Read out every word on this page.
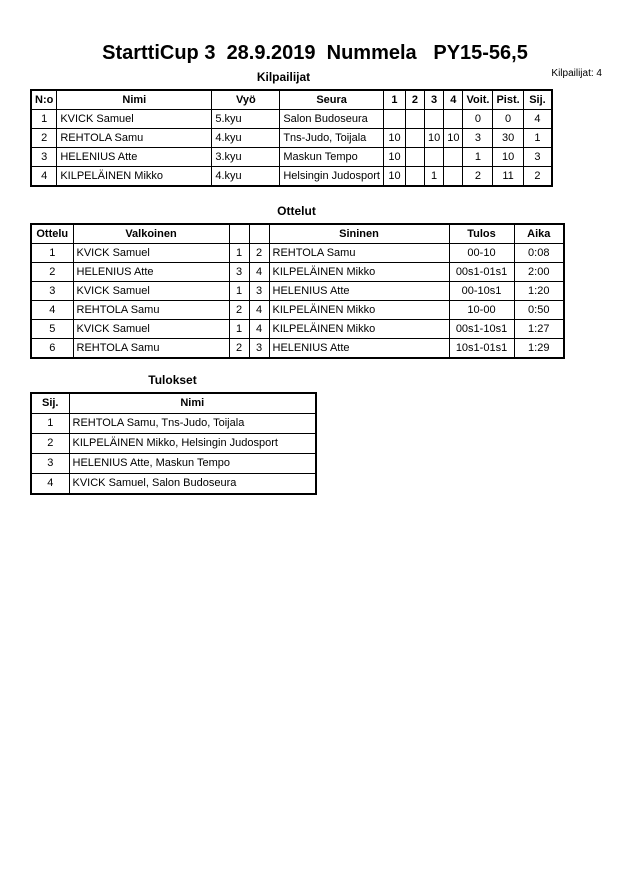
StarttiCup 3  28.9.2019  Nummela   PY15-56,5
Kilpailijat: 4
Kilpailijat
N:o	Nimi	Vyö	Seura	1	2	3	4	Voit.	Pist.	Sij.
1	KVICK Samuel	5.kyu	Salon Budoseura					0	0	4
2	REHTOLA Samu	4.kyu	Tns-Judo, Toijala	10		10	10	3	30	1
3	HELENIUS Atte	3.kyu	Maskun Tempo	10				1	10	3
4	KILPELÄINEN Mikko	4.kyu	Helsingin Judosport	10		1		2	11	2
Ottelut
Ottelu	Valkoinen			Sininen	Tulos	Aika
1	KVICK Samuel	1	2	REHTOLA Samu	00-10	0:08
2	HELENIUS Atte	3	4	KILPELÄINEN Mikko	00s1-01s1	2:00
3	KVICK Samuel	1	3	HELENIUS Atte	00-10s1	1:20
4	REHTOLA Samu	2	4	KILPELÄINEN Mikko	10-00	0:50
5	KVICK Samuel	1	4	KILPELÄINEN Mikko	00s1-10s1	1:27
6	REHTOLA Samu	2	3	HELENIUS Atte	10s1-01s1	1:29
Tulokset
Sij.	Nimi
1	REHTOLA Samu, Tns-Judo, Toijala
2	KILPELÄINEN Mikko, Helsingin Judosport
3	HELENIUS Atte, Maskun Tempo
4	KVICK Samuel, Salon Budoseura
